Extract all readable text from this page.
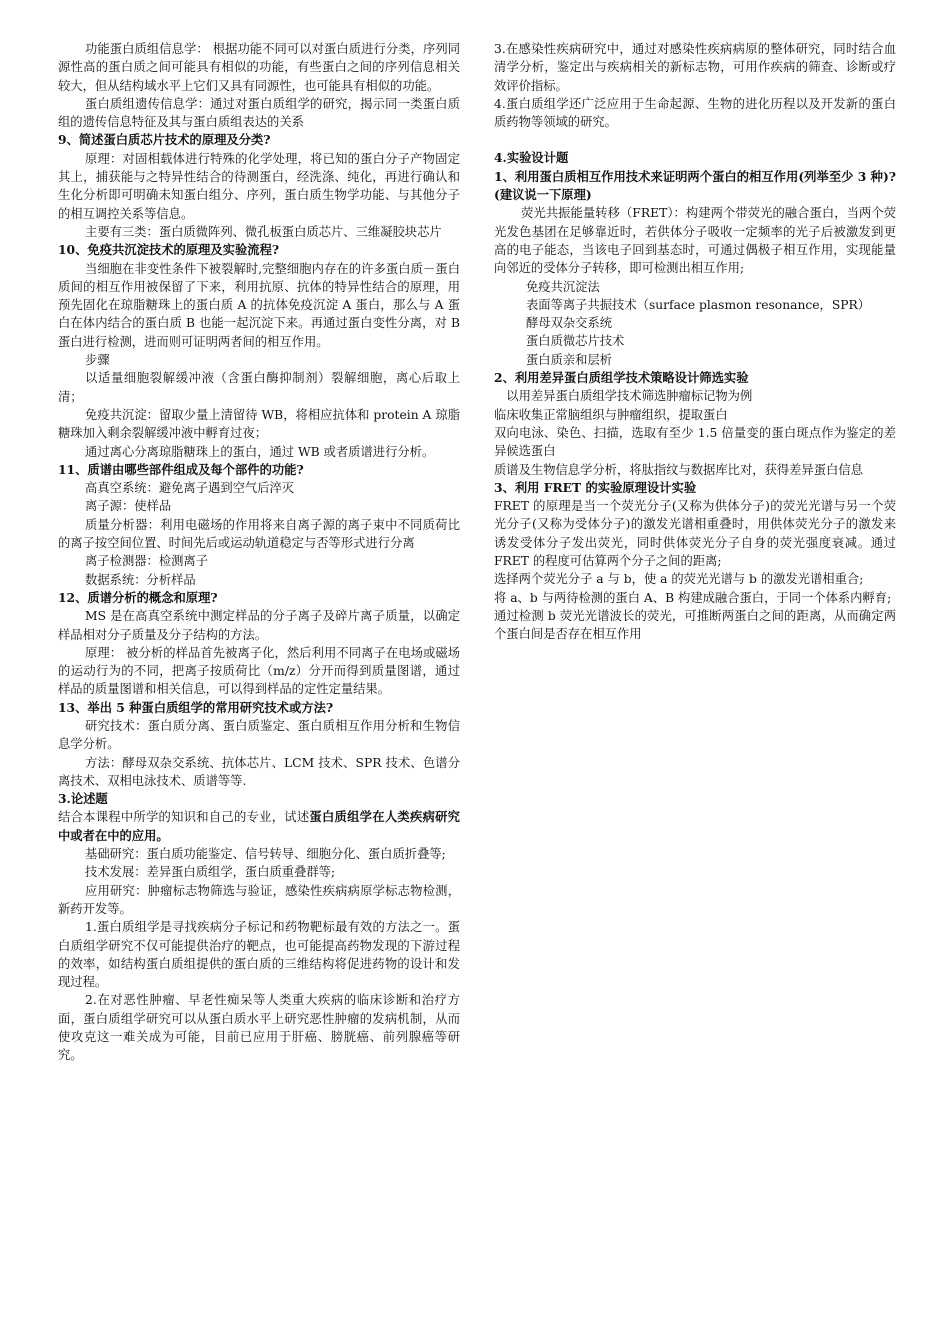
功能蛋白质组信息学： 根据功能不同可以对蛋白质进行分类，序列同源性高的蛋白质之间可能具有相似的功能，有些蛋白之间的序列信息相关较大，但从结构域水平上它们又具有同源性，也可能具有相似的功能。

蛋白质组遗传信息学：通过对蛋白质组学的研究，揭示同一类蛋白质组的遗传信息特征及其与蛋白质组表达的关系

9、简述蛋白质芯片技术的原理及分类?

原理：对固相载体进行特殊的化学处理，将已知的蛋白分子产物固定其上，捕获能与之特异性结合的待测蛋白，经洗涤、纯化，再进行确认和生化分析即可明确未知蛋白组分、序列，蛋白质生物学功能、与其他分子的相互调控关系等信息。

主要有三类：蛋白质微阵列、微孔板蛋白质芯片、三维凝胶块芯片

10、免疫共沉淀技术的原理及实验流程?

当细胞在非变性条件下被裂解时,完整细胞内存在的许多蛋白质－蛋白质间的相互作用被保留了下来，利用抗原、抗体的特异性结合的原理，用预先固化在琼脂糖珠上的蛋白质 A 的抗体免疫沉淀 A 蛋白，那么与 A 蛋白在体内结合的蛋白质 B 也能一起沉淀下来。再通过蛋白变性分离，对 B 蛋白进行检测，进而则可证明两者间的相互作用。

步骤

以适量细胞裂解缓冲液（含蛋白酶抑制剂）裂解细胞，离心后取上清；

免疫共沉淀：留取少量上清留待 WB，将相应抗体和 protein A 琼脂糖珠加入剩余裂解缓冲液中孵育过夜；

通过离心分离琼脂糖珠上的蛋白，通过 WB 或者质谱进行分析。

11、质谱由哪些部件组成及每个部件的功能?

高真空系统：避免离子遇到空气后淬灭

离子源：使样品

质量分析器：利用电磁场的作用将来自离子源的离子束中不同质荷比的离子按空间位置、时间先后或运动轨道稳定与否等形式进行分离

离子检测器：检测离子

数据系统：分析样品

12、质谱分析的概念和原理?

MS 是在高真空系统中测定样品的分子离子及碎片离子质量，以确定样品相对分子质量及分子结构的方法。

原理： 被分析的样品首先被离子化，然后利用不同离子在电场或磁场的运动行为的不同，把离子按质荷比（m/z）分开而得到质量图谱，通过样品的质量图谱和相关信息，可以得到样品的定性定量结果。

13、举出 5 种蛋白质组学的常用研究技术或方法?

研究技术：蛋白质分离、蛋白质鉴定、蛋白质相互作用分析和生物信息学分析。

方法：酵母双杂交系统、抗体芯片、LCM 技术、SPR 技术、色谱分离技术、双相电泳技术、质谱等等.

3.论述题

结合本课程中所学的知识和自己的专业，试述蛋白质组学在人类疾病研究中或者在中的应用。

基础研究：蛋白质功能鉴定、信号转导、细胞分化、蛋白质折叠等;

技术发展：差异蛋白质组学，蛋白质重叠群等;

应用研究：肿瘤标志物筛选与验证，感染性疾病病原学标志物检测，新药开发等。

1.蛋白质组学是寻找疾病分子标记和药物靶标最有效的方法之一。蛋白质组学研究不仅可能提供治疗的靶点，也可能提高药物发现的下游过程的效率，如结构蛋白质组提供的蛋白质的三维结构将促进药物的设计和发现过程。

2.在对恶性肿瘤、早老性痴呆等人类重大疾病的临床诊断和治疗方面，蛋白质组学研究可以从蛋白质水平上研究恶性肿瘤的发病机制，从而使攻克这一难关成为可能，目前已应用于肝癌、膀胱癌、前列腺癌等研究。

3.在感染性疾病研究中，通过对感染性疾病病原的整体研究，同时结合血清学分析，鉴定出与疾病相关的新标志物，可用作疾病的筛查、诊断或疗效评价指标。

4.蛋白质组学还广泛应用于生命起源、生物的进化历程以及开发新的蛋白质药物等领域的研究。

4.实验设计题

1、利用蛋白质相互作用技术来证明两个蛋白的相互作用(列举至少 3 种)?(建议说一下原理)

荧光共振能量转移（FRET）：构建两个带荧光的融合蛋白，当两个荧光发色基团在足够靠近时，若供体分子吸收一定频率的光子后被激发到更高的电子能态，当该电子回到基态时，可通过偶极子相互作用，实现能量向邻近的受体分子转移，即可检测出相互作用;

免疫共沉淀法

表面等离子共振技术（surface plasmon resonance，SPR）

酵母双杂交系统

蛋白质微芯片技术

蛋白质亲和层析

2、利用差异蛋白质组学技术策略设计筛选实验

以用差异蛋白质组学技术筛选肿瘤标记物为例

临床收集正常脑组织与肿瘤组织，提取蛋白

双向电泳、染色、扫描，选取有至少 1.5 倍量变的蛋白斑点作为鉴定的差异候选蛋白

质谱及生物信息学分析，将肽指纹与数据库比对，获得差异蛋白信息

3、利用 FRET 的实验原理设计实验

FRET 的原理是当一个荧光分子(又称为供体分子)的荧光光谱与另一个荧光分子(又称为受体分子)的激发光谱相重叠时，用供体荧光分子的激发来诱发受体分子发出荧光，同时供体荧光分子自身的荧光强度衰减。通过 FRET 的程度可估算两个分子之间的距离;

选择两个荧光分子 a 与 b，使 a 的荧光光谱与 b 的激发光谱相重合;

将 a、b 与两待检测的蛋白 A、B 构建成融合蛋白，于同一个体系内孵育;

通过检测 b 荧光光谱波长的荧光，可推断两蛋白之间的距离，从而确定两个蛋白间是否存在相互作用
